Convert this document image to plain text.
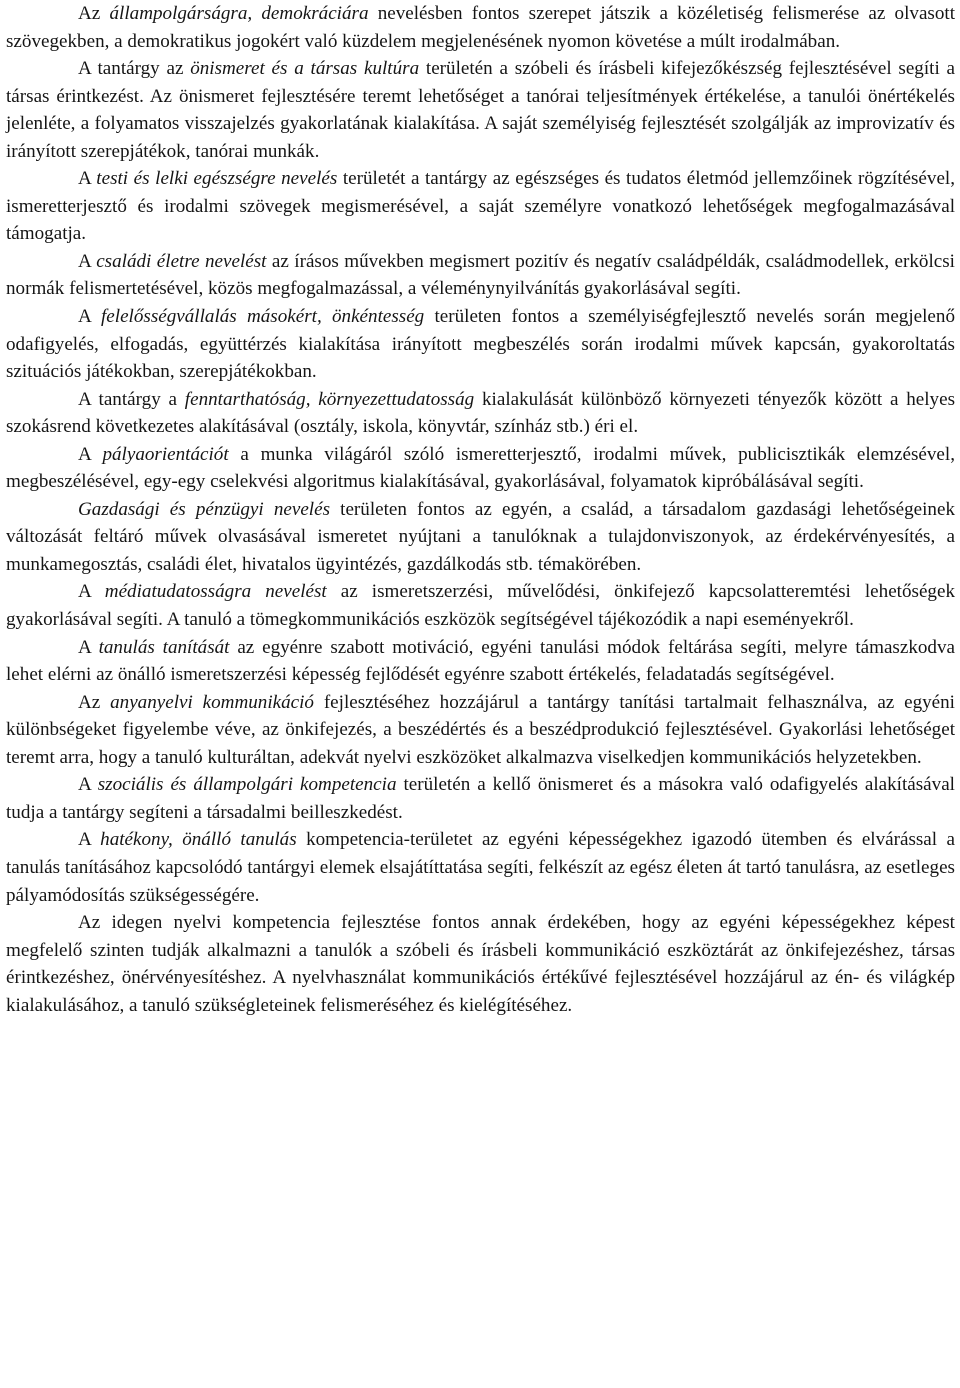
Az állampolgárságra, demokráciára nevelésben fontos szerepet játszik a közéletiség felismerése az olvasott szövegekben, a demokratikus jogokért való küzdelem megjelenésének nyomon követése a múlt irodalmában.

A tantárgy az önismeret és a társas kultúra területén a szóbeli és írásbeli kifejezőkészség fejlesztésével segíti a társas érintkezést. Az önismeret fejlesztésére teremt lehetőséget a tanórai teljesítmények értékelése, a tanulói önértékelés jelenléte, a folyamatos visszajelzés gyakorlatának kialakítása. A saját személyiség fejlesztését szolgálják az improvizatív és irányított szerepjátékok, tanórai munkák.

A testi és lelki egészségre nevelés területét a tantárgy az egészséges és tudatos életmód jellemzőinek rögzítésével, ismeretterjesztő és irodalmi szövegek megismerésével, a saját személyre vonatkozó lehetőségek megfogalmazásával támogatja.

A családi életre nevelést az írásos művekben megismert pozitív és negatív családpéldák, családmodellek, erkölcsi normák felismertetésével, közös megfogalmazással, a véleménynyilvánítás gyakorlásával segíti.

A felelősségvállalás másokért, önkéntesség területen fontos a személyiségfejlesztő nevelés során megjelenő odafigyelés, elfogadás, együttérzés kialakítása irányított megbeszélés során irodalmi művek kapcsán, gyakoroltatás szituációs játékokban, szerepjátékokban.

A tantárgy a fenntarthatóság, környezettudatosság kialakulását különböző környezeti tényezők között a helyes szokásrend következetes alakításával (osztály, iskola, könyvtár, színház stb.) éri el.

A pályaorientációt a munka világáról szóló ismeretterjesztő, irodalmi művek, publicisztikák elemzésével, megbeszélésével, egy-egy cselekvési algoritmus kialakításával, gyakorlásával, folyamatok kipróbálásával segíti.

Gazdasági és pénzügyi nevelés területen fontos az egyén, a család, a társadalom gazdasági lehetőségeinek változását feltáró művek olvasásával ismeretet nyújtani a tanulóknak a tulajdonviszonyok, az érdekérvényesítés, a munkamegosztás, családi élet, hivatalos ügyintézés, gazdálkodás stb. témakörében.

A médiatudatosságra nevelést az ismeretszerzési, művelődési, önkifejező kapcsolatteremtési lehetőségek gyakorlásával segíti. A tanuló a tömegkommunikációs eszközök segítségével tájékozódik a napi eseményekről.

A tanulás tanítását az egyénre szabott motiváció, egyéni tanulási módok feltárása segíti, melyre támaszkodva lehet elérni az önálló ismeretszerzési képesség fejlődését egyénre szabott értékelés, feladatadás segítségével.

Az anyanyelvi kommunikáció fejlesztéséhez hozzájárul a tantárgy tanítási tartalmait felhasználva, az egyéni különbségeket figyelembe véve, az önkifejezés, a beszédértés és a beszédprodukció fejlesztésével. Gyakorlási lehetőséget teremt arra, hogy a tanuló kulturáltan, adekvát nyelvi eszközöket alkalmazva viselkedjen kommunikációs helyzetekben.

A szociális és állampolgári kompetencia területén a kellő önismeret és a másokra való odafigyelés alakításával tudja a tantárgy segíteni a társadalmi beilleszkedést.

A hatékony, önálló tanulás kompetencia-területet az egyéni képességekhez igazodó ütemben és elvárással a tanulás tanításához kapcsolódó tantárgyi elemek elsajátíttatása segíti, felkészít az egész életen át tartó tanulásra, az esetleges pályamódosítás szükségességére.

Az idegen nyelvi kompetencia fejlesztése fontos annak érdekében, hogy az egyéni képességekhez képest megfelelő szinten tudják alkalmazni a tanulók a szóbeli és írásbeli kommunikáció eszköztárát az önkifejezéshez, társas érintkezéshez, önérvényesítéshez. A nyelvhasználat kommunikációs értékűvé fejlesztésével hozzájárul az én- és világkép kialakulásához, a tanuló szükségleteinek felismeréséhez és kielégítéséhez.
